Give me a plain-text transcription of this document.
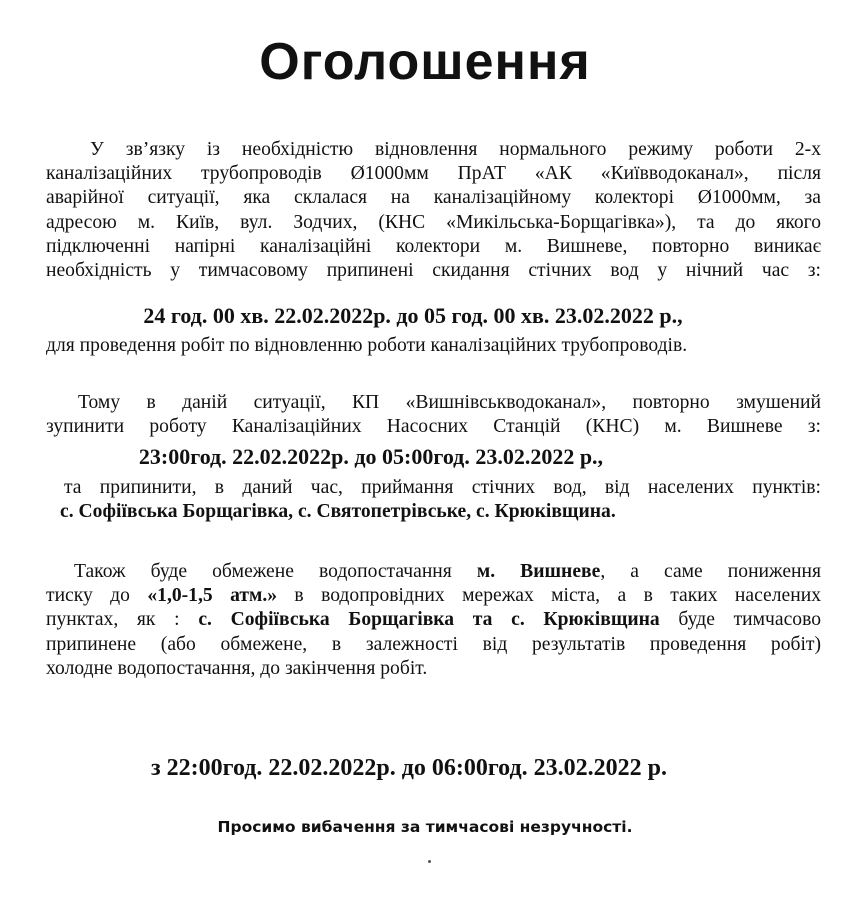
Оголошення
У зв’язку із необхідністю відновлення нормального режиму роботи 2-х
каналізаційних трубопроводів Ø1000мм ПрАТ «АК «Київводоканал», після
аварійної ситуації, яка склалася на каналізаційному колекторі Ø1000мм, за
адресою м. Київ, вул. Зодчих, (КНС «Микільська-Борщагівка»), та до якого
підключенні напірні каналізаційні колектори м. Вишневе, повторно виникає
необхідність у тимчасовому припинені скидання стічних вод у нічний час з:
24 год. 00 хв. 22.02.2022р. до 05 год. 00 хв. 23.02.2022 р.,
для проведення робіт по відновленню роботи каналізаційних трубопроводів.
Тому в даній ситуації, КП «Вишнівськводоканал», повторно змушений
зупинити роботу Каналізаційних Насосних Станцій (КНС) м. Вишневе з:
23:00год. 22.02.2022р. до 05:00год. 23.02.2022 р.,
та припинити, в даний час, приймання стічних вод, від населених пунктів:
с. Софіївська Борщагівка, с. Святопетрівське, с. Крюківщина.
Також буде обмежене водопостачання м. Вишневе, а саме пониження
тиску до «1,0-1,5 атм.» в водопровідних мережах міста, а в таких населених
пунктах, як : с. Софіївська Борщагівка та с. Крюківщина буде тимчасово
припинене (або обмежене, в залежності від результатів проведення робіт)
холодне водопостачання, до закінчення робіт.
з 22:00год. 22.02.2022р. до 06:00год. 23.02.2022 р.
Просимо вибачення за тимчасові незручності.
